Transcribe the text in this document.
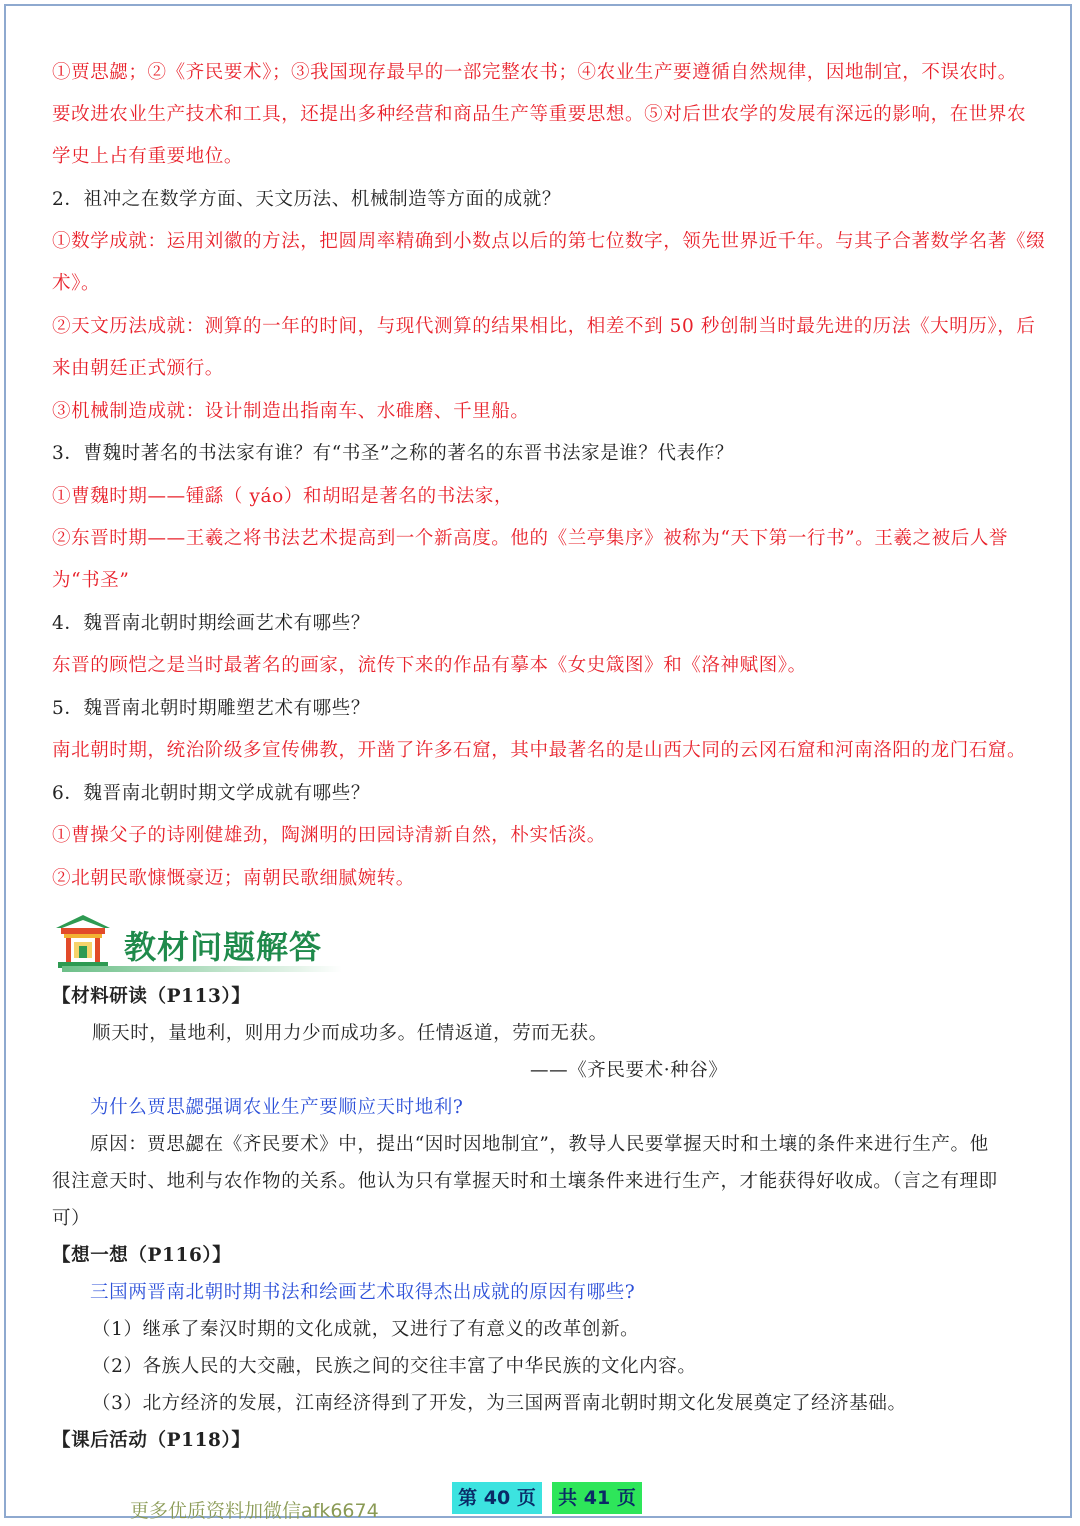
①贾思勰；②《齐民要术》；③我国现存最早的一部完整农书；④农业生产要遵循自然规律，因地制宜，不误农时。
要改进农业生产技术和工具，还提出多种经营和商品生产等重要思想。⑤对后世农学的发展有深远的影响，在世界农
学史上占有重要地位。
2．祖冲之在数学方面、天文历法、机械制造等方面的成就？
①数学成就：运用刘徽的方法，把圆周率精确到小数点以后的第七位数字，领先世界近千年。与其子合著数学名著《缀
术》。
②天文历法成就：测算的一年的时间，与现代测算的结果相比，相差不到 50 秒创制当时最先进的历法《大明历》，后
来由朝廷正式颁行。
③机械制造成就：设计制造出指南车、水碓磨、千里船。
3．曹魏时著名的书法家有谁？有“书圣”之称的著名的东晋书法家是谁？代表作？
①曹魏时期——锺繇（ yáo）和胡昭是著名的书法家，
②东晋时期——王羲之将书法艺术提高到一个新高度。他的《兰亭集序》被称为“天下第一行书”。王羲之被后人誉
为“书圣”
4．魏晋南北朝时期绘画艺术有哪些？
东晋的顾恺之是当时最著名的画家，流传下来的作品有摹本《女史箴图》和《洛神赋图》。
5．魏晋南北朝时期雕塑艺术有哪些？
南北朝时期，统治阶级多宣传佛教，开凿了许多石窟，其中最著名的是山西大同的云冈石窟和河南洛阳的龙门石窟。
6．魏晋南北朝时期文学成就有哪些？
①曹操父子的诗刚健雄劲，陶渊明的田园诗清新自然，朴实恬淡。
②北朝民歌慷慨豪迈；南朝民歌细腻婉转。
教材问题解答
【材料研读（P113）】
顺天时，量地利，则用力少而成功多。任情返道，劳而无获。
——《齐民要术·种谷》
为什么贾思勰强调农业生产要顺应天时地利?
原因：贾思勰在《齐民要术》中，提出“因时因地制宜”，教导人民要掌握天时和土壤的条件来进行生产。他
很注意天时、地利与农作物的关系。他认为只有掌握天时和土壤条件来进行生产，才能获得好收成。（言之有理即
可）
【想一想（P116）】
三国两晋南北朝时期书法和绘画艺术取得杰出成就的原因有哪些?
（1）继承了秦汉时期的文化成就，又进行了有意义的改革创新。
（2）各族人民的大交融，民族之间的交往丰富了中华民族的文化内容。
（3）北方经济的发展，江南经济得到了开发，为三国两晋南北朝时期文化发展奠定了经济基础。
【课后活动（P118）】
更多优质资料加微信afk6674
第 40 页	共 41 页
